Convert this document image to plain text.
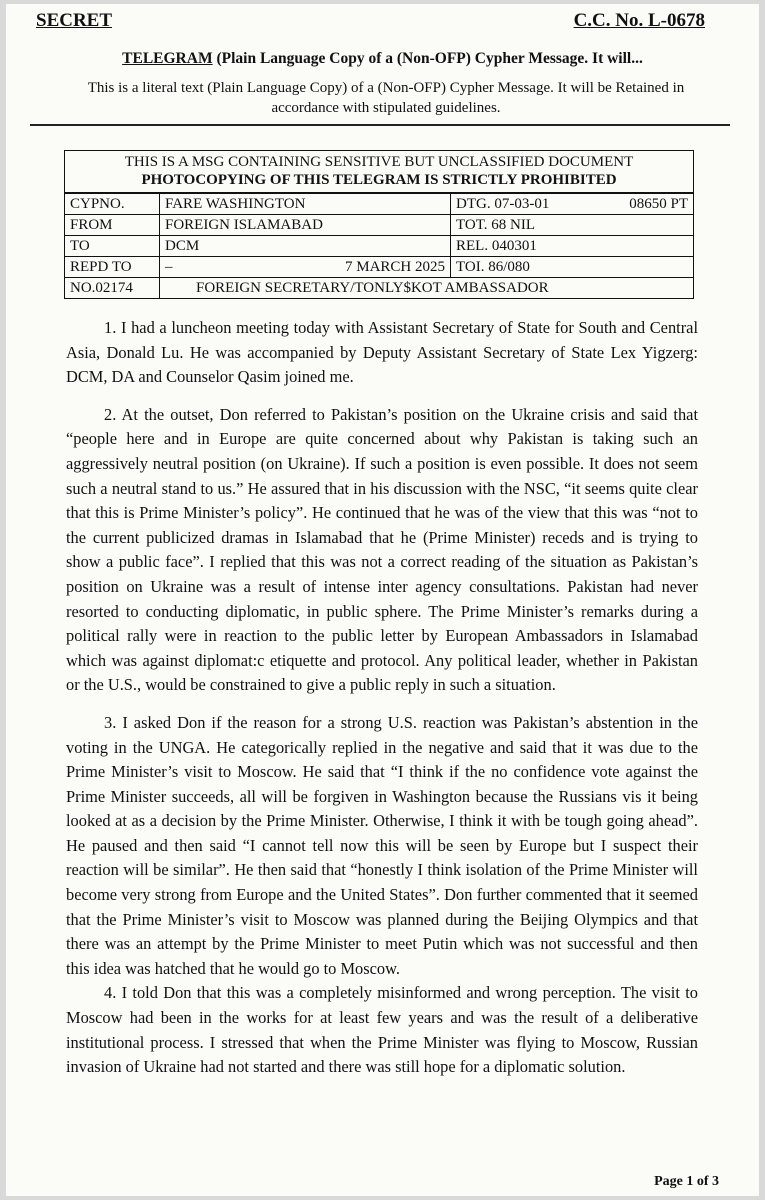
SECRET	C.C. No. L-0678
TELEGRAM (Plain Language Copy of a (Non-OFP) Cypher Message. It will...
This is a literal text (Plain Language Copy) of a (Non-OFP) Cypher Message. It will be Retained in accordance with stipulated guidelines.
THIS IS A MSG CONTAINING SENSITIVE BUT UNCLASSIFIED DOCUMENT
PHOTOCOPYING OF THIS TELEGRAM IS STRICTLY PROHIBITED		

CYPNO.	FARE WASHINGTON	DTG. 07-03-01 08650 PT

FROM	FOREIGN ISLAMABAD	TOT. 68 NIL
TO	DCM	REL. 040301
REPD TO	– 7 MARCH 2025	TOI. 86/080
NO.02174	FOREIGN SECRETARY/TONLY$KOT AMBASSADOR	

1. I had a luncheon meeting today with Assistant Secretary of State for South and Central Asia, Donald Lu. He was accompanied by Deputy Assistant Secretary of State Lex Yigzerg: DCM, DA and Counselor Qasim joined me.

2. At the outset, Don referred to Pakistan’s position on the Ukraine crisis and said that “people here and in Europe are quite concerned about why Pakistan is taking such an aggressively neutral position (on Ukraine). If such a position is even possible. It does not seem such a neutral stand to us.” He assured that in his discussion with the NSC, “it seems quite clear that this is Prime Minister’s policy”. He continued that he was of the view that this was “not to the current publicized dramas in Islamabad that he (Prime Minister) receds and is trying to show a public face”. I replied that this was not a correct reading of the situation as Pakistan’s position on Ukraine was a result of intense inter agency consultations. Pakistan had never resorted to conducting diplomatic, in public sphere. The Prime Minister’s remarks during a political rally were in reaction to the public letter by European Ambassadors in Islamabad which was against diplomat:c etiquette and protocol. Any political leader, whether in Pakistan or the U.S., would be constrained to give a public reply in such a situation.

3. I asked Don if the reason for a strong U.S. reaction was Pakistan’s abstention in the voting in the UNGA. He categorically replied in the negative and said that it was due to the Prime Minister’s visit to Moscow. He said that “I think if the no confidence vote against the Prime Minister succeeds, all will be forgiven in Washington because the Russians vis it being looked at as a decision by the Prime Minister. Otherwise, I think it with be tough going ahead”. He paused and then said “I cannot tell now this will be seen by Europe but I suspect their reaction will be similar”. He then said that “honestly I think isolation of the Prime Minister will become very strong from Europe and the United States”. Don further commented that it seemed that the Prime Minister’s visit to Moscow was planned during the Beijing Olympics and that there was an attempt by the Prime Minister to meet Putin which was not successful and then this idea was hatched that he would go to Moscow.

4. I told Don that this was a completely misinformed and wrong perception. The visit to Moscow had been in the works for at least few years and was the result of a deliberative institutional process. I stressed that when the Prime Minister was flying to Moscow, Russian invasion of Ukraine had not started and there was still hope for a diplomatic solution.

Page 1 of 3
